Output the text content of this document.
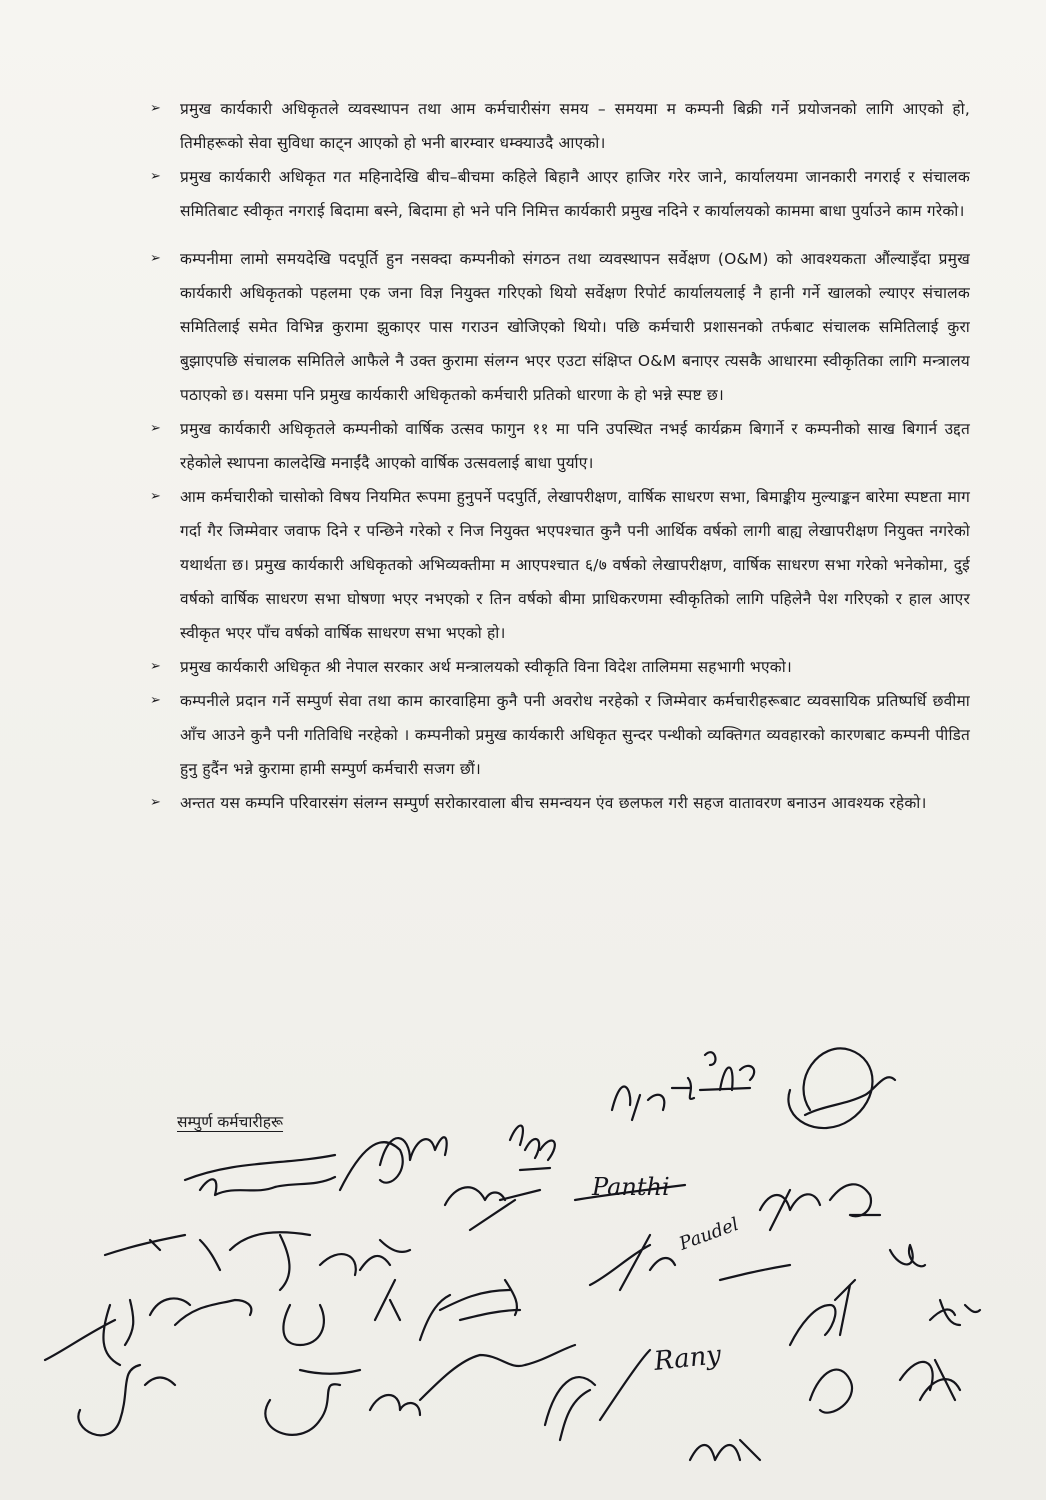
➢ प्रमुख कार्यकारी अधिकृतले व्यवस्थापन तथा आम कर्मचारीसंग समय – समयमा म कम्पनी बिक्री गर्ने प्रयोजनको लागि आएको हो, तिमीहरूको सेवा सुविधा काट्न आएको हो भनी बारम्वार धम्क्याउदै आएको।

➢ प्रमुख कार्यकारी अधिकृत गत महिनादेखि बीच–बीचमा कहिले बिहानै आएर हाजिर गरेर जाने, कार्यालयमा जानकारी नगराई र संचालक समितिबाट स्वीकृत नगराई बिदामा बस्ने, बिदामा हो भने पनि निमित्त कार्यकारी प्रमुख नदिने र कार्यालयको काममा बाधा पुर्याउने काम गरेको।

➢ कम्पनीमा लामो समयदेखि पदपूर्ति हुन नसक्दा कम्पनीको संगठन तथा व्यवस्थापन सर्वेक्षण (O&M) को आवश्यकता औंल्याइँदा प्रमुख कार्यकारी अधिकृतको पहलमा एक जना विज्ञ नियुक्त गरिएको थियो सर्वेक्षण रिपोर्ट कार्यालयलाई नै हानी गर्ने खालको ल्याएर संचालक समितिलाई समेत विभिन्न कुरामा झुकाएर पास गराउन खोजिएको थियो। पछि कर्मचारी प्रशासनको तर्फबाट संचालक समितिलाई कुरा बुझाएपछि संचालक समितिले आफैले नै उक्त कुरामा संलग्न भएर एउटा संक्षिप्त O&M बनाएर त्यसकै आधारमा स्वीकृतिका लागि मन्त्रालय पठाएको छ। यसमा पनि प्रमुख कार्यकारी अधिकृतको कर्मचारी प्रतिको धारणा के हो भन्ने स्पष्ट छ।

➢ प्रमुख कार्यकारी अधिकृतले कम्पनीको वार्षिक उत्सव फागुन ११ मा पनि उपस्थित नभई कार्यक्रम बिगार्ने र कम्पनीको साख बिगार्न उद्दत रहेकोले स्थापना कालदेखि मनाईंदै आएको वार्षिक उत्सवलाई बाधा पुर्याए।

➢ आम कर्मचारीको चासोको विषय नियमित रूपमा हुनुपर्ने पदपुर्ति, लेखापरीक्षण, वार्षिक साधरण सभा, बिमाङ्कीय मुल्याङ्कन बारेमा स्पष्टता माग गर्दा गैर जिम्मेवार जवाफ दिने र पन्छिने गरेको र निज नियुक्त भएपश्चात कुनै पनी आर्थिक वर्षको लागी बाह्य लेखापरीक्षण नियुक्त नगरेको यथार्थता छ। प्रमुख कार्यकारी अधिकृतको अभिव्यक्तीमा म आएपश्चात ६/७ वर्षको लेखापरीक्षण, वार्षिक साधरण सभा गरेको भनेकोमा, दुई वर्षको वार्षिक साधरण सभा घोषणा भएर नभएको र तिन वर्षको बीमा प्राधिकरणमा स्वीकृतिको लागि पहिलेनै पेश गरिएको र हाल आएर स्वीकृत भएर पाँच वर्षको वार्षिक साधरण सभा भएको हो।

➢ प्रमुख कार्यकारी अधिकृत श्री नेपाल सरकार अर्थ मन्त्रालयको स्वीकृति विना विदेश तालिममा सहभागी भएको।

➢ कम्पनीले प्रदान गर्ने सम्पुर्ण सेवा तथा काम कारवाहिमा कुनै पनी अवरोध नरहेको र जिम्मेवार कर्मचारीहरूबाट व्यवसायिक प्रतिष्पर्धि छवीमा आँच आउने कुनै पनी गतिविधि नरहेको । कम्पनीको प्रमुख कार्यकारी अधिकृत सुन्दर पन्थीको व्यक्तिगत व्यवहारको कारणबाट कम्पनी पीडित हुनु हुदैंन भन्ने कुरामा हामी सम्पुर्ण कर्मचारी सजग छौं।

➢ अन्तत यस कम्पनि परिवारसंग संलग्न सम्पुर्ण सरोकारवाला बीच समन्वयन एंव छलफल गरी सहज वातावरण बनाउन आवश्यक रहेको।

सम्पुर्ण कर्मचारीहरू
Panthi
Paudel
Rany
